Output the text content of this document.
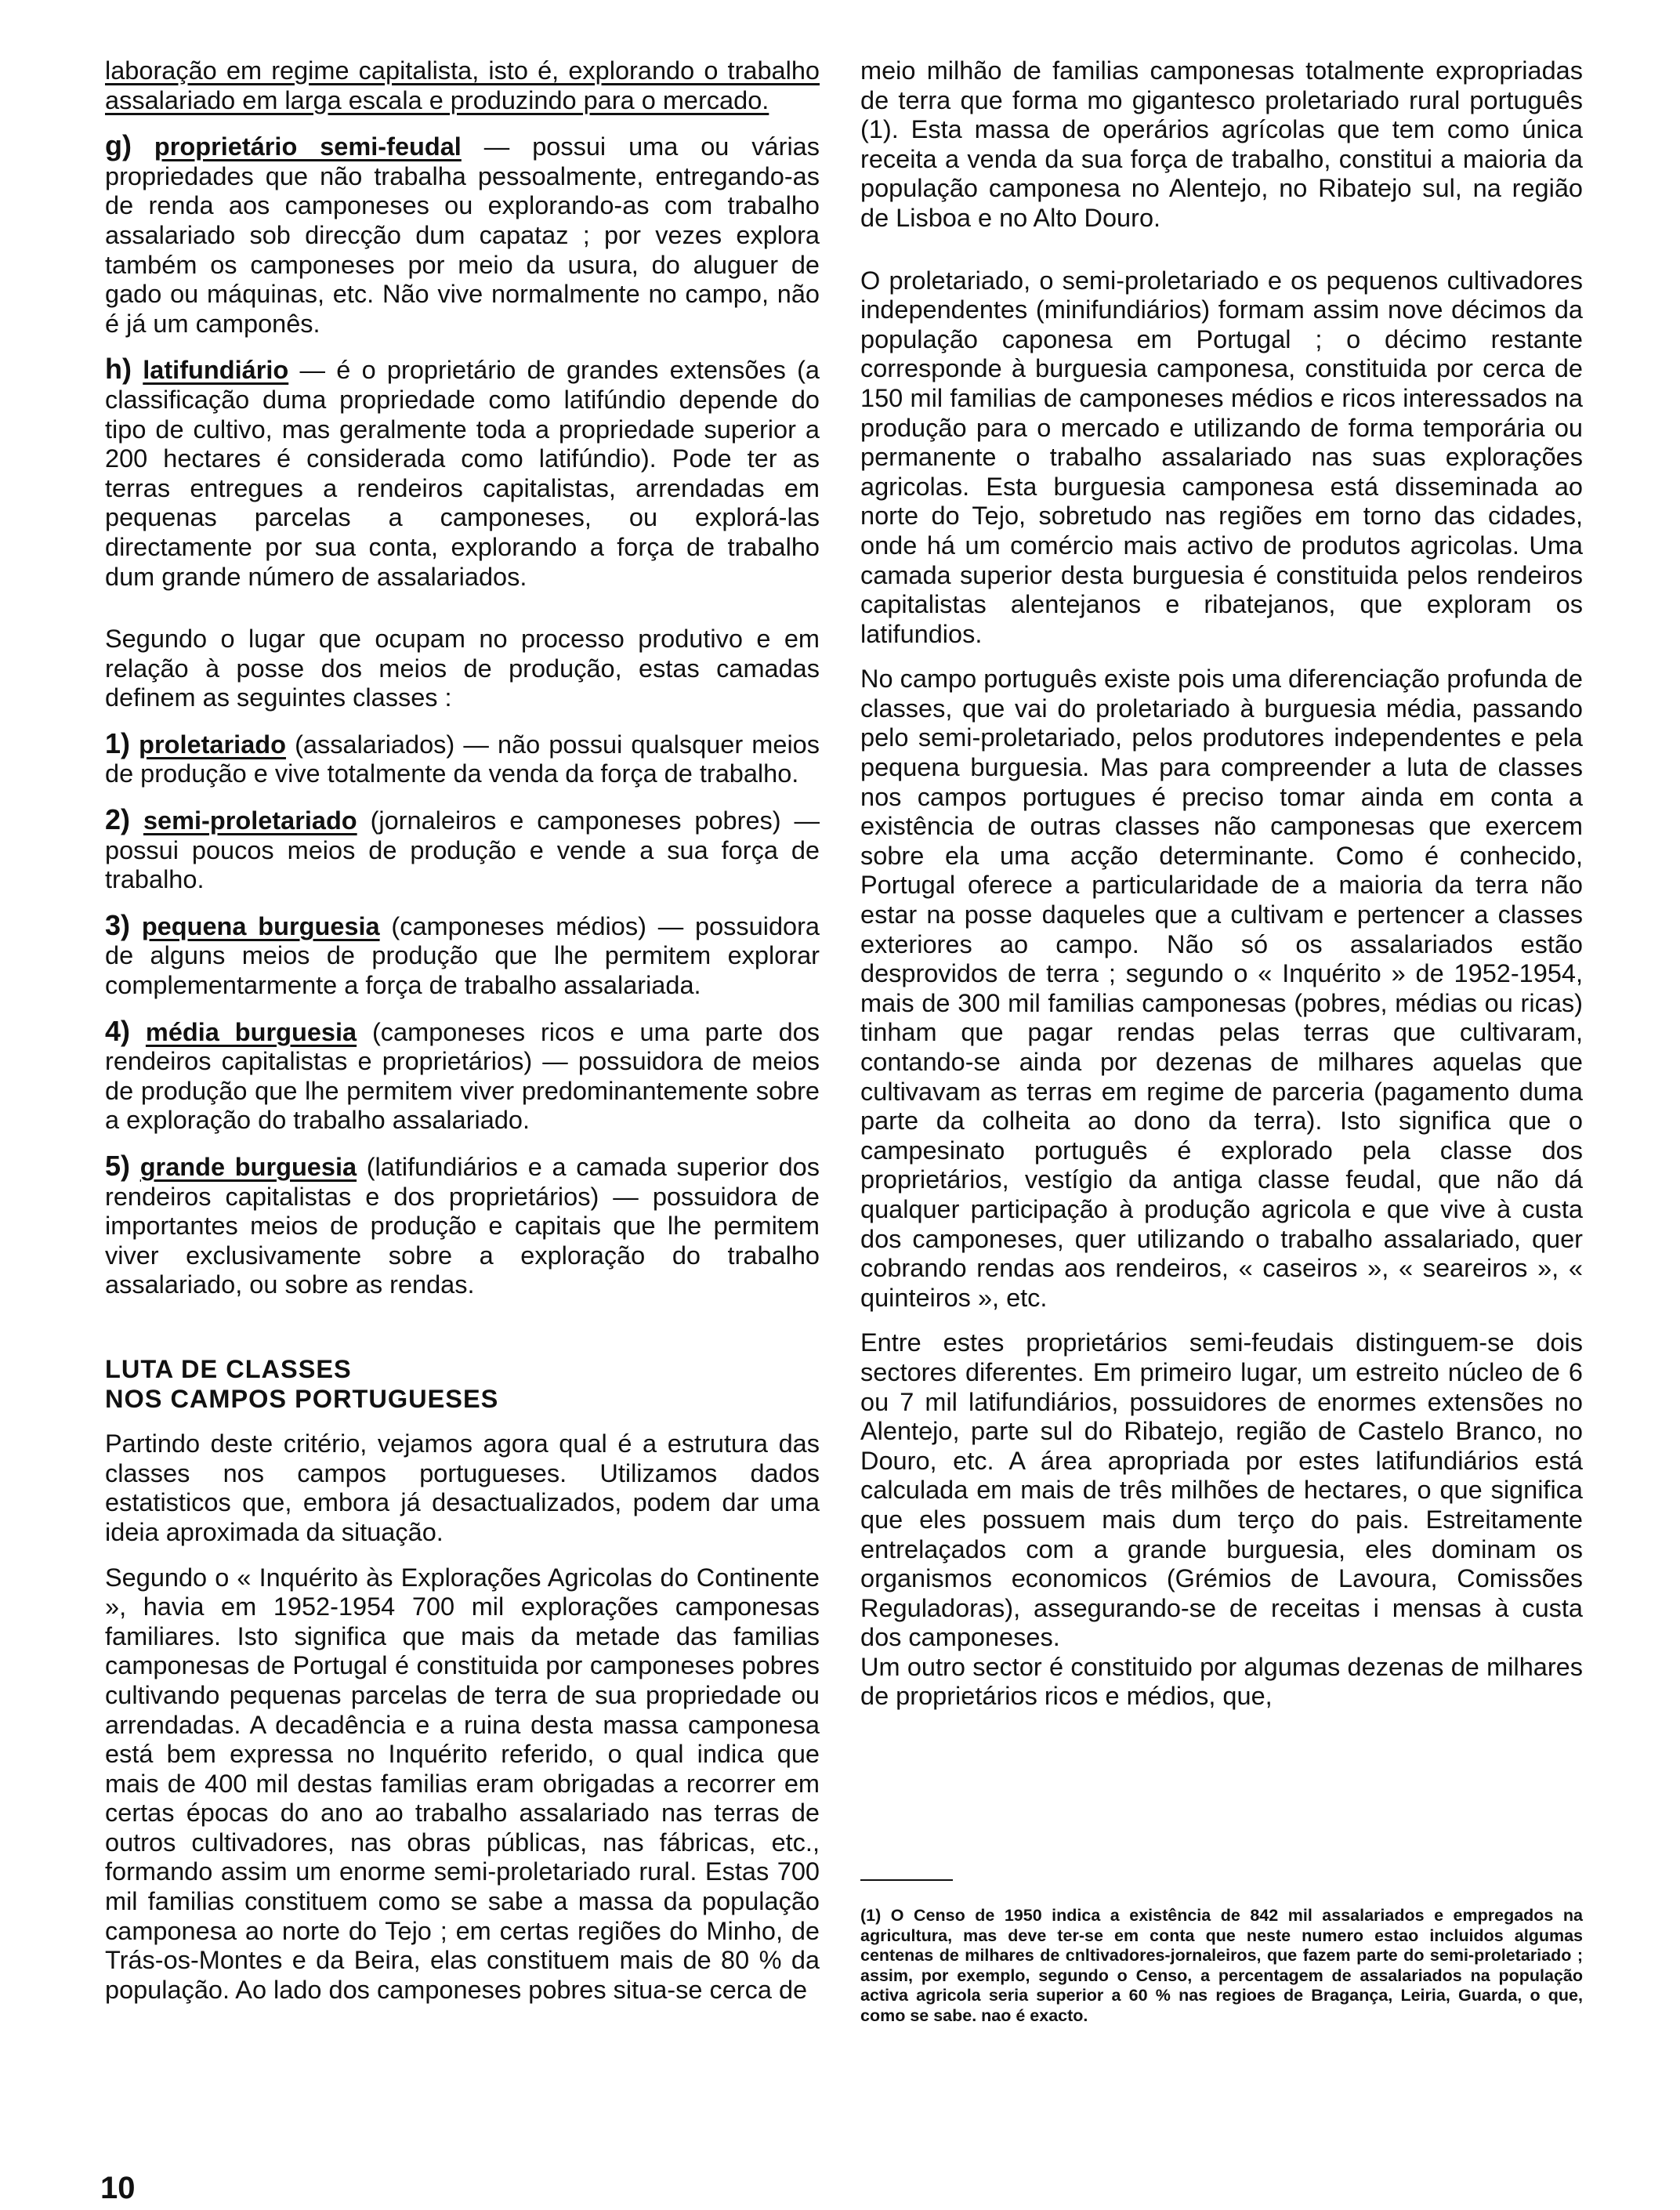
laboração em regime capitalista, isto é, explorando o trabalho assalariado em larga escala e produzindo para o mercado.

g) proprietário semi-feudal — possui uma ou várias propriedades que não trabalha pessoalmente, entregando-as de renda aos camponeses ou explorando-as com trabalho assalariado sob direcção dum capataz ; por vezes explora também os camponeses por meio da usura, do aluguer de gado ou máquinas, etc. Não vive normalmente no campo, não é já um camponês.
h) latifundiário — é o proprietário de grandes extensões (a classificação duma propriedade como latifúndio depende do tipo de cultivo, mas geralmente toda a propriedade superior a 200 hectares é considerada como latifúndio). Pode ter as terras entregues a rendeiros capitalistas, arrendadas em pequenas parcelas a camponeses, ou explorá-las directamente por sua conta, explorando a força de trabalho dum grande número de assalariados.

Segundo o lugar que ocupam no processo produtivo e em relação à posse dos meios de produção, estas camadas definem as seguintes classes :

1) proletariado (assalariados) — não possui qualsquer meios de produção e vive totalmente da venda da força de trabalho.
2) semi-proletariado (jornaleiros e camponeses pobres) — possui poucos meios de produção e vende a sua força de trabalho.
3) pequena burguesia (camponeses médios) — possuidora de alguns meios de produção que lhe permitem explorar complementarmente a força de trabalho assalariada.
4) média burguesia (camponeses ricos e uma parte dos rendeiros capitalistas e proprietários) — possuidora de meios de produção que lhe permitem viver predominantemente sobre a exploração do trabalho assalariado.
5) grande burguesia (latifundiários e a camada superior dos rendeiros capitalistas e dos proprietários) — possuidora de importantes meios de produção e capitais que lhe permitem viver exclusivamente sobre a exploração do trabalho assalariado, ou sobre as rendas.

LUTA DE CLASSES

NOS CAMPOS PORTUGUESES

Partindo deste critério, vejamos agora qual é a estrutura das classes nos campos portugueses. Utilizamos dados estatisticos que, embora já desactualizados, podem dar uma ideia aproximada da situação.

Segundo o « Inquérito às Explorações Agricolas do Continente », havia em 1952-1954 700 mil explorações camponesas familiares. Isto significa que mais da metade das familias camponesas de Portugal é constituida por camponeses pobres cultivando pequenas parcelas de terra de sua propriedade ou arrendadas. A decadência e a ruina desta massa camponesa está bem expressa no Inquérito referido, o qual indica que mais de 400 mil destas familias eram obrigadas a recorrer em certas épocas do ano ao trabalho assalariado nas terras de outros cultivadores, nas obras públicas, nas fábricas, etc., formando assim um enorme semi-proletariado rural. Estas 700 mil familias constituem como se sabe a massa da população camponesa ao norte do Tejo ; em certas regiões do Minho, de Trás-os-Montes e da Beira, elas constituem mais de 80 % da população. Ao lado dos camponeses pobres situa-se cerca de

meio milhão de familias camponesas totalmente expropriadas de terra que forma mo gigantesco proletariado rural português (1). Esta massa de operários agrícolas que tem como única receita a venda da sua força de trabalho, constitui a maioria da população camponesa no Alentejo, no Ribatejo sul, na região de Lisboa e no Alto Douro.

O proletariado, o semi-proletariado e os pequenos cultivadores independentes (minifundiários) formam assim nove décimos da população caponesa em Portugal ; o décimo restante corresponde à burguesia camponesa, constituida por cerca de 150 mil familias de camponeses médios e ricos interessados na produção para o mercado e utilizando de forma temporária ou permanente o trabalho assalariado nas suas explorações agricolas. Esta burguesia camponesa está disseminada ao norte do Tejo, sobretudo nas regiões em torno das cidades, onde há um comércio mais activo de produtos agricolas. Uma camada superior desta burguesia é constituida pelos rendeiros capitalistas alentejanos e ribatejanos, que exploram os latifundios.

No campo português existe pois uma diferenciação profunda de classes, que vai do proletariado à burguesia média, passando pelo semi-proletariado, pelos produtores independentes e pela pequena burguesia. Mas para compreender a luta de classes nos campos portugues é preciso tomar ainda em conta a existência de outras classes não camponesas que exercem sobre ela uma acção determinante. Como é conhecido, Portugal oferece a particularidade de a maioria da terra não estar na posse daqueles que a cultivam e pertencer a classes exteriores ao campo. Não só os assalariados estão desprovidos de terra ; segundo o « Inquérito » de 1952-1954, mais de 300 mil familias camponesas (pobres, médias ou ricas) tinham que pagar rendas pelas terras que cultivaram, contando-se ainda por dezenas de milhares aquelas que cultivavam as terras em regime de parceria (pagamento duma parte da colheita ao dono da terra). Isto significa que o campesinato português é explorado pela classe dos proprietários, vestígio da antiga classe feudal, que não dá qualquer participação à produção agricola e que vive à custa dos camponeses, quer utilizando o trabalho assalariado, quer cobrando rendas aos rendeiros, « caseiros », « seareiros », « quinteiros », etc.

Entre estes proprietários semi-feudais distinguem-se dois sectores diferentes. Em primeiro lugar, um estreito núcleo de 6 ou 7 mil latifundiários, possuidores de enormes extensões no Alentejo, parte sul do Ribatejo, região de Castelo Branco, no Douro, etc. A área apropriada por estes latifundiários está calculada em mais de três milhões de hectares, o que significa que eles possuem mais dum terço do pais. Estreitamente entrelaçados com a grande burguesia, eles dominam os organismos economicos (Grémios de Lavoura, Comissões Reguladoras), assegurando-se de receitas i mensas à custa dos camponeses.

Um outro sector é constituido por algumas dezenas de milhares de proprietários ricos e médios, que,

(1) O Censo de 1950 indica a existência de 842 mil assalariados e empregados na agricultura, mas deve ter-se em conta que neste numero estao incluidos algumas centenas de milhares de cnltivadores-jornaleiros, que fazem parte do semi-proletariado ; assim, por exemplo, segundo o Censo, a percentagem de assalariados na população activa agricola seria superior a 60 % nas regioes de Bragança, Leiria, Guarda, o que, como se sabe. nao é exacto.

10
